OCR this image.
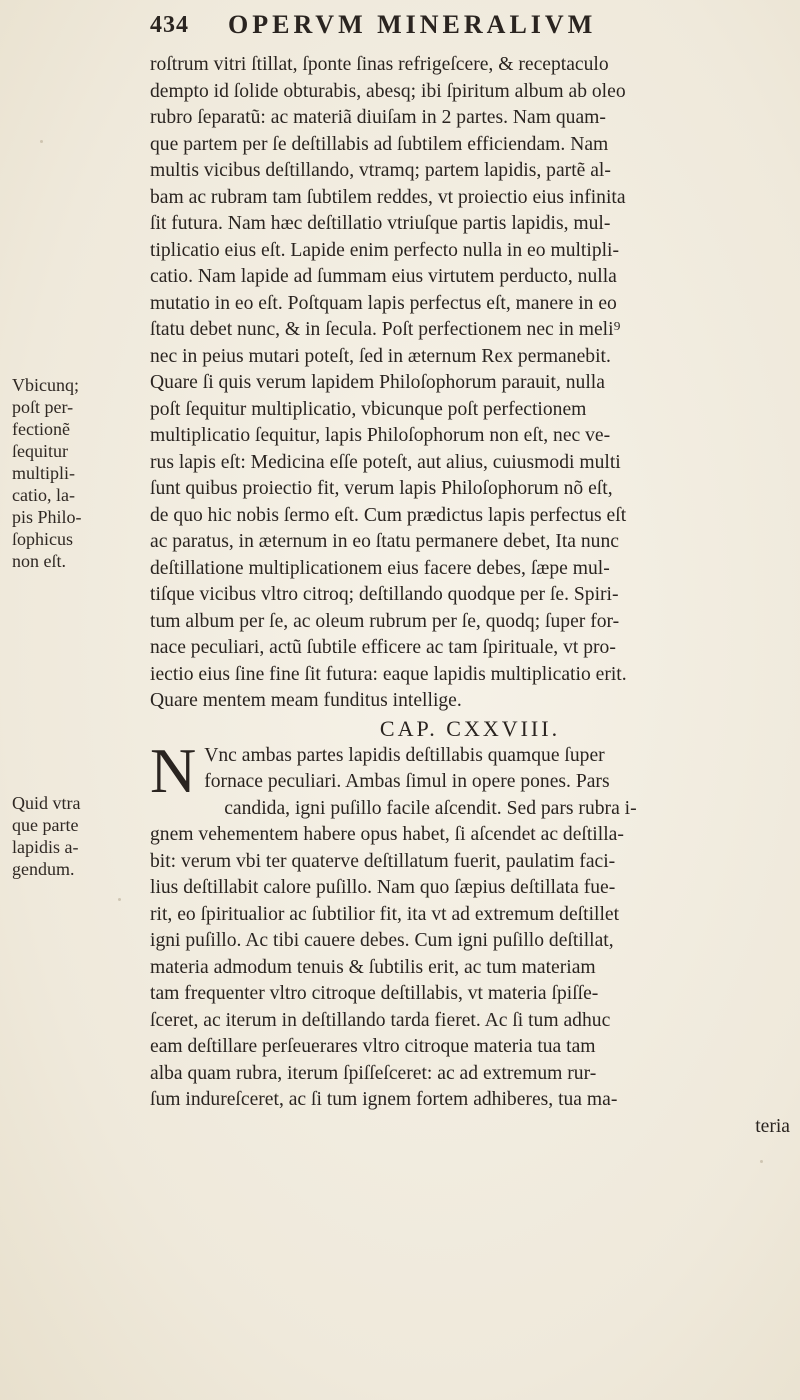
434 OPERVM MINERALIVM
Vbicunq;
poſt per-
fectionẽ
ſequitur
multipli-
catio, la-
pis Philo-
ſophicus
non eſt.
Quid vtra
que parte
lapidis a-
gendum.
roſtrum vitri ſtillat, ſponte ſinas refrigeſcere, & receptaculo
dempto id ſolide obturabis, abesq; ibi ſpiritum album ab oleo
rubro ſeparatũ: ac materiã diuiſam in 2 partes. Nam quam-
que partem per ſe deſtillabis ad ſubtilem efficiendam. Nam
multis vicibus deſtillando, vtramq; partem lapidis, partẽ al-
bam ac rubram tam ſubtilem reddes, vt proiectio eius infinita
ſit futura. Nam hæc deſtillatio vtriuſque partis lapidis, mul-
tiplicatio eius eſt. Lapide enim perfecto nulla in eo multipli-
catio. Nam lapide ad ſummam eius virtutem perducto, nulla
mutatio in eo eſt. Poſtquam lapis perfectus eſt, manere in eo
ſtatu debet nunc, & in ſecula. Poſt perfectionem nec in meli⁹
nec in peius mutari poteſt, ſed in æternum Rex permanebit.
Quare ſi quis verum lapidem Philoſophorum parauit, nulla
poſt ſequitur multiplicatio, vbicunque poſt perfectionem
multiplicatio ſequitur, lapis Philoſophorum non eſt, nec ve-
rus lapis eſt: Medicina eſſe poteſt, aut alius, cuiusmodi multi
ſunt quibus proiectio fit, verum lapis Philoſophorum nõ eſt,
de quo hic nobis ſermo eſt. Cum prædictus lapis perfectus eſt
ac paratus, in æternum in eo ſtatu permanere debet, Ita nunc
deſtillatione multiplicationem eius facere debes, ſæpe mul-
tiſque vicibus vltro citroq; deſtillando quodque per ſe. Spiri-
tum album per ſe, ac oleum rubrum per ſe, quodq; ſuper for-
nace peculiari, actũ ſubtile efficere ac tam ſpirituale, vt pro-
iectio eius ſine fine ſit futura: eaque lapidis multiplicatio erit.
Quare mentem meam funditus intellige.
CAP. CXXVIII.
N Vnc ambas partes lapidis deſtillabis quamque ſuper
fornace peculiari. Ambas ſimul in opere pones. Pars
candida, igni puſillo facile aſcendit. Sed pars rubra i-
gnem vehementem habere opus habet, ſi aſcendet ac deſtilla-
bit: verum vbi ter quaterve deſtillatum fuerit, paulatim faci-
lius deſtillabit calore puſillo. Nam quo ſæpius deſtillata fue-
rit, eo ſpiritualior ac ſubtilior fit, ita vt ad extremum deſtillet
igni puſillo. Ac tibi cauere debes. Cum igni puſillo deſtillat,
materia admodum tenuis & ſubtilis erit, ac tum materiam
tam frequenter vltro citroque deſtillabis, vt materia ſpiſſe-
ſceret, ac iterum in deſtillando tarda fieret. Ac ſi tum adhuc
eam deſtillare perſeuerares vltro citroque materia tua tam
alba quam rubra, iterum ſpiſſeſceret: ac ad extremum rur-
ſum indureſceret, ac ſi tum ignem fortem adhiberes, tua ma-
teria
